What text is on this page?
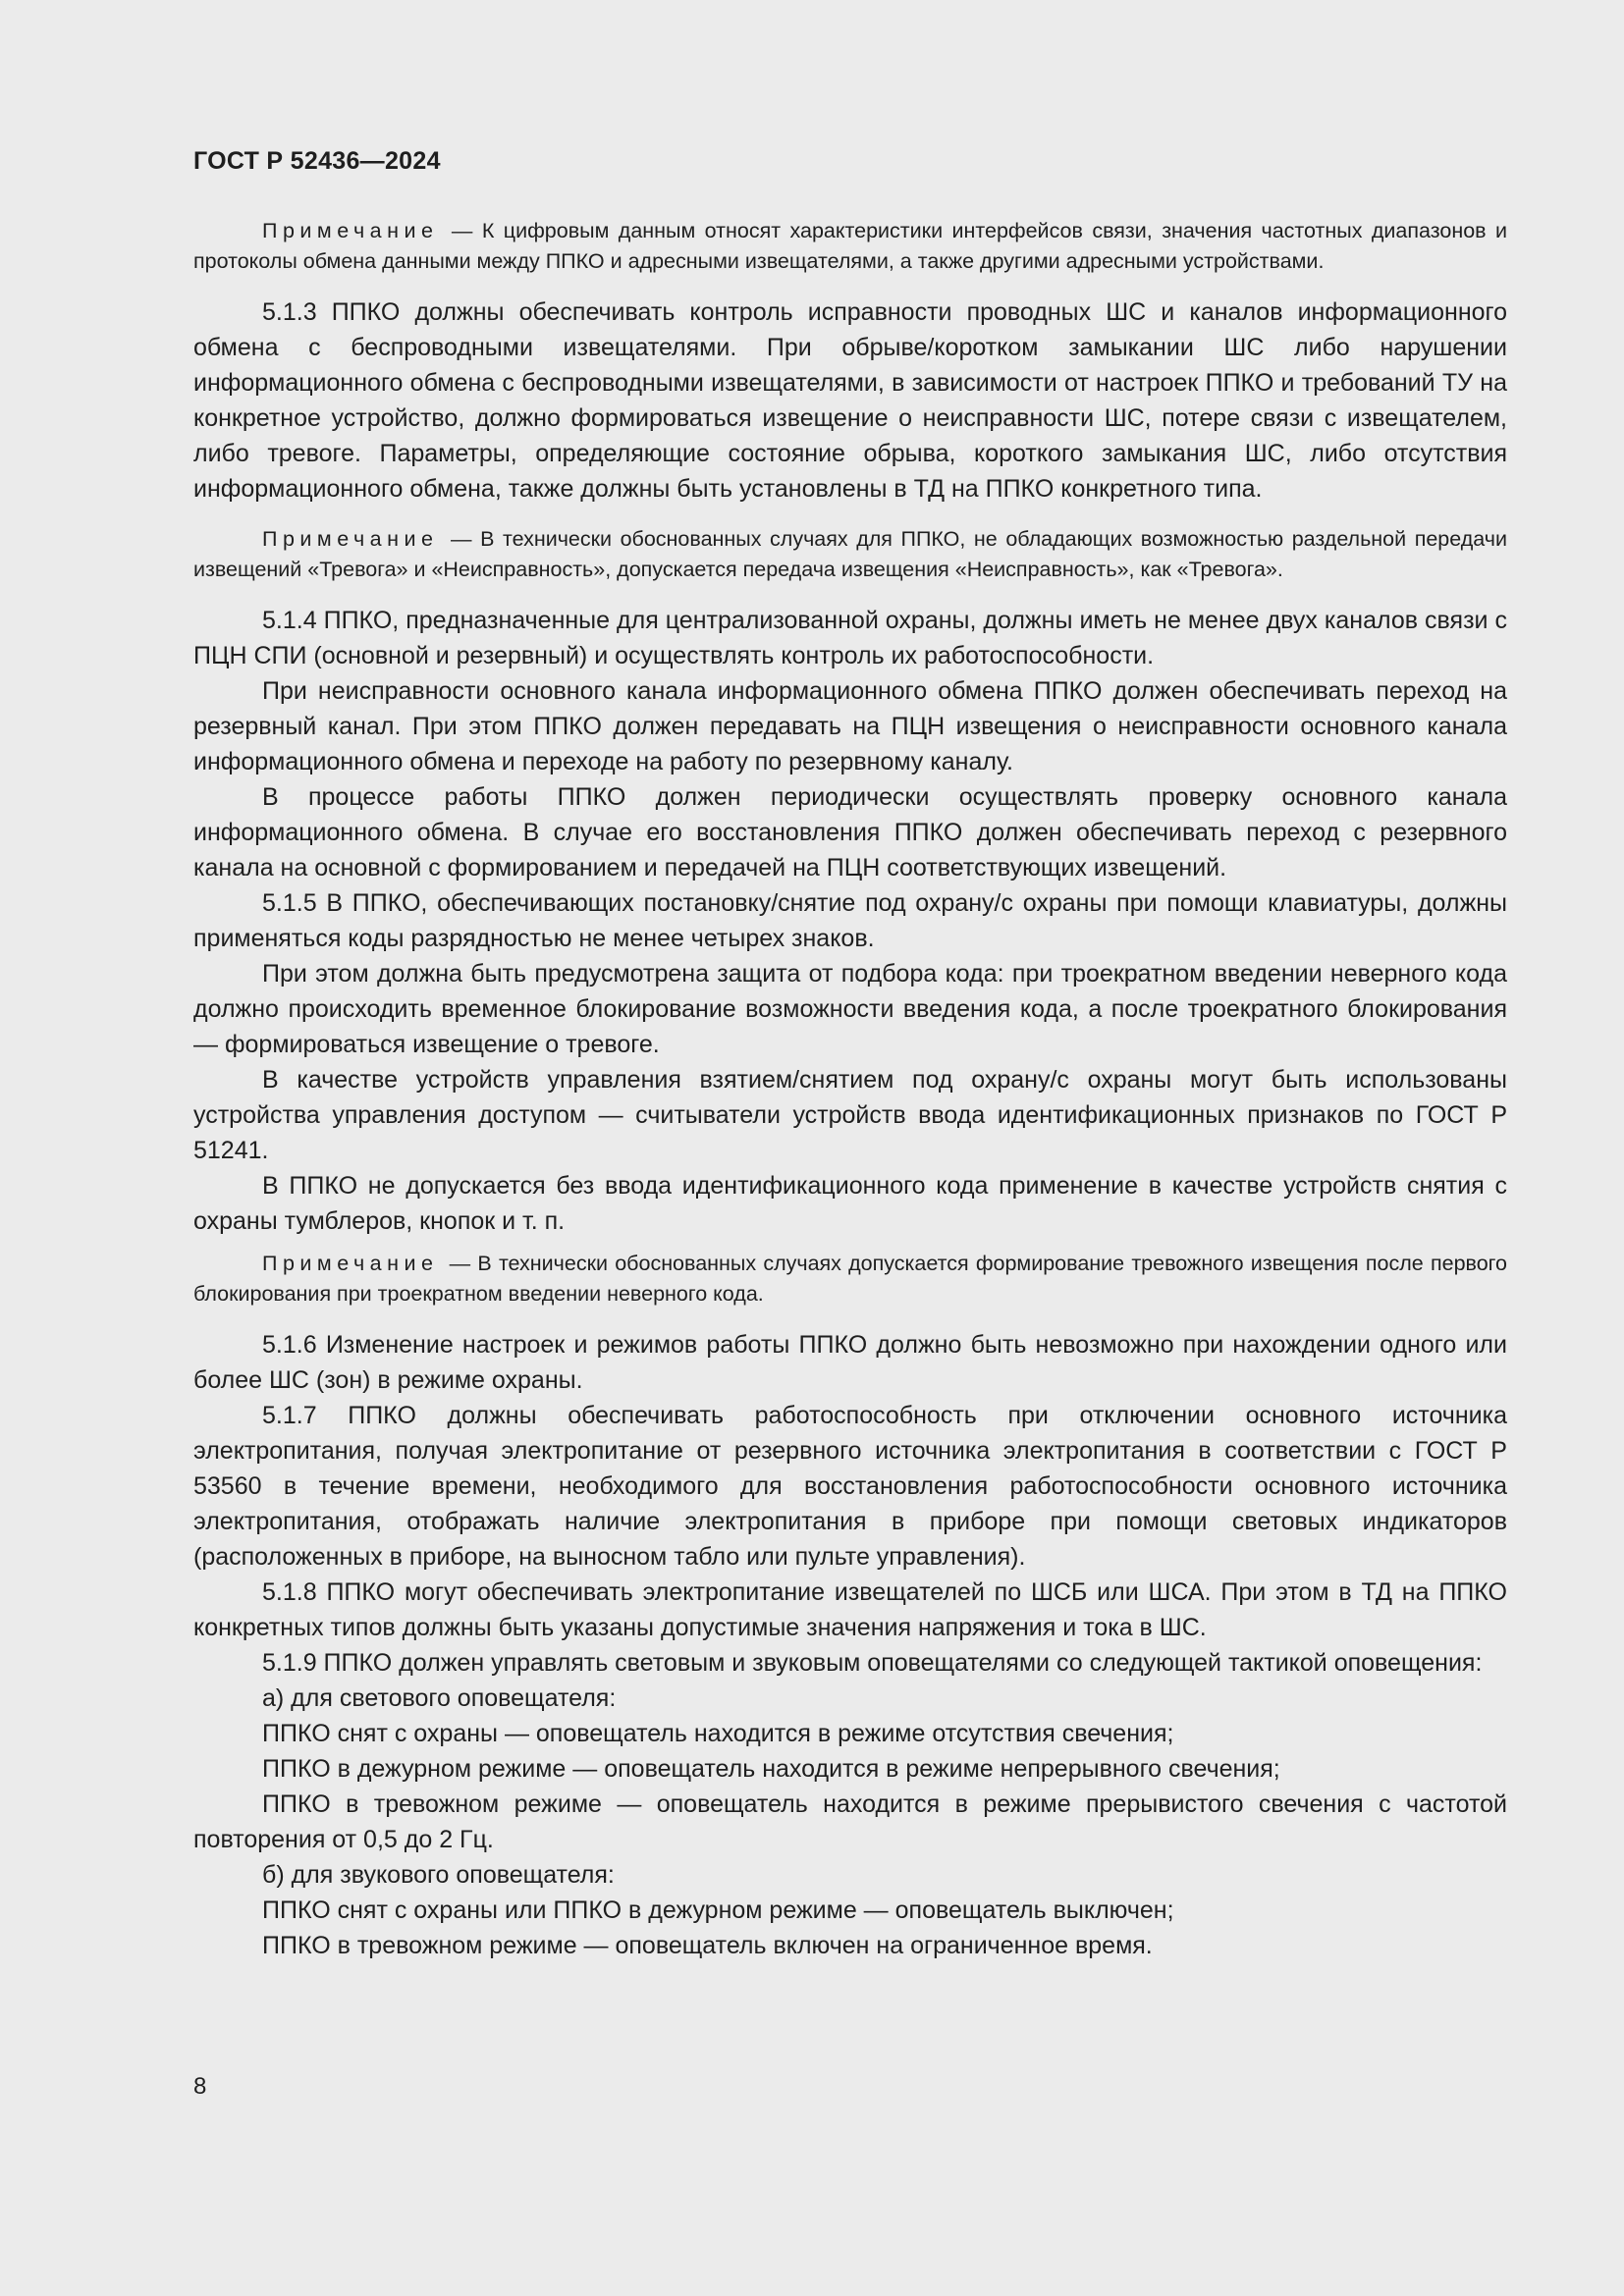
ГОСТ Р 52436—2024

Примечание — К цифровым данным относят характеристики интерфейсов связи, значения частотных диапазонов и протоколы обмена данными между ППКО и адресными извещателями, а также другими адресными устройствами.

5.1.3 ППКО должны обеспечивать контроль исправности проводных ШС и каналов информационного обмена с беспроводными извещателями. При обрыве/коротком замыкании ШС либо нарушении информационного обмена с беспроводными извещателями, в зависимости от настроек ППКО и требований ТУ на конкретное устройство, должно формироваться извещение о неисправности ШС, потере связи с извещателем, либо тревоге. Параметры, определяющие состояние обрыва, короткого замыкания ШС, либо отсутствия информационного обмена, также должны быть установлены в ТД на ППКО конкретного типа.

Примечание — В технически обоснованных случаях для ППКО, не обладающих возможностью раздельной передачи извещений «Тревога» и «Неисправность», допускается передача извещения «Неисправность», как «Тревога».

5.1.4 ППКО, предназначенные для централизованной охраны, должны иметь не менее двух каналов связи с ПЦН СПИ (основной и резервный) и осуществлять контроль их работоспособности.

При неисправности основного канала информационного обмена ППКО должен обеспечивать переход на резервный канал. При этом ППКО должен передавать на ПЦН извещения о неисправности основного канала информационного обмена и переходе на работу по резервному каналу.

В процессе работы ППКО должен периодически осуществлять проверку основного канала информационного обмена. В случае его восстановления ППКО должен обеспечивать переход с резервного канала на основной с формированием и передачей на ПЦН соответствующих извещений.

5.1.5 В ППКО, обеспечивающих постановку/снятие под охрану/с охраны при помощи клавиатуры, должны применяться коды разрядностью не менее четырех знаков.

При этом должна быть предусмотрена защита от подбора кода: при троекратном введении неверного кода должно происходить временное блокирование возможности введения кода, а после троекратного блокирования — формироваться извещение о тревоге.

В качестве устройств управления взятием/снятием под охрану/с охраны могут быть использованы устройства управления доступом — считыватели устройств ввода идентификационных признаков по ГОСТ Р 51241.

В ППКО не допускается без ввода идентификационного кода применение в качестве устройств снятия с охраны тумблеров, кнопок и т. п.

Примечание — В технически обоснованных случаях допускается формирование тревожного извещения после первого блокирования при троекратном введении неверного кода.

5.1.6 Изменение настроек и режимов работы ППКО должно быть невозможно при нахождении одного или более ШС (зон) в режиме охраны.

5.1.7 ППКО должны обеспечивать работоспособность при отключении основного источника электропитания, получая электропитание от резервного источника электропитания в соответствии с ГОСТ Р 53560 в течение времени, необходимого для восстановления работоспособности основного источника электропитания, отображать наличие электропитания в приборе при помощи световых индикаторов (расположенных в приборе, на выносном табло или пульте управления).

5.1.8 ППКО могут обеспечивать электропитание извещателей по ШСБ или ШСА. При этом в ТД на ППКО конкретных типов должны быть указаны допустимые значения напряжения и тока в ШС.

5.1.9 ППКО должен управлять световым и звуковым оповещателями со следующей тактикой оповещения:

а) для светового оповещателя:

ППКО снят с охраны — оповещатель находится в режиме отсутствия свечения;

ППКО в дежурном режиме — оповещатель находится в режиме непрерывного свечения;

ППКО в тревожном режиме — оповещатель находится в режиме прерывистого свечения с частотой повторения от 0,5 до 2 Гц.

б) для звукового оповещателя:

ППКО снят с охраны или ППКО в дежурном режиме — оповещатель выключен;

ППКО в тревожном режиме — оповещатель включен на ограниченное время.

8
